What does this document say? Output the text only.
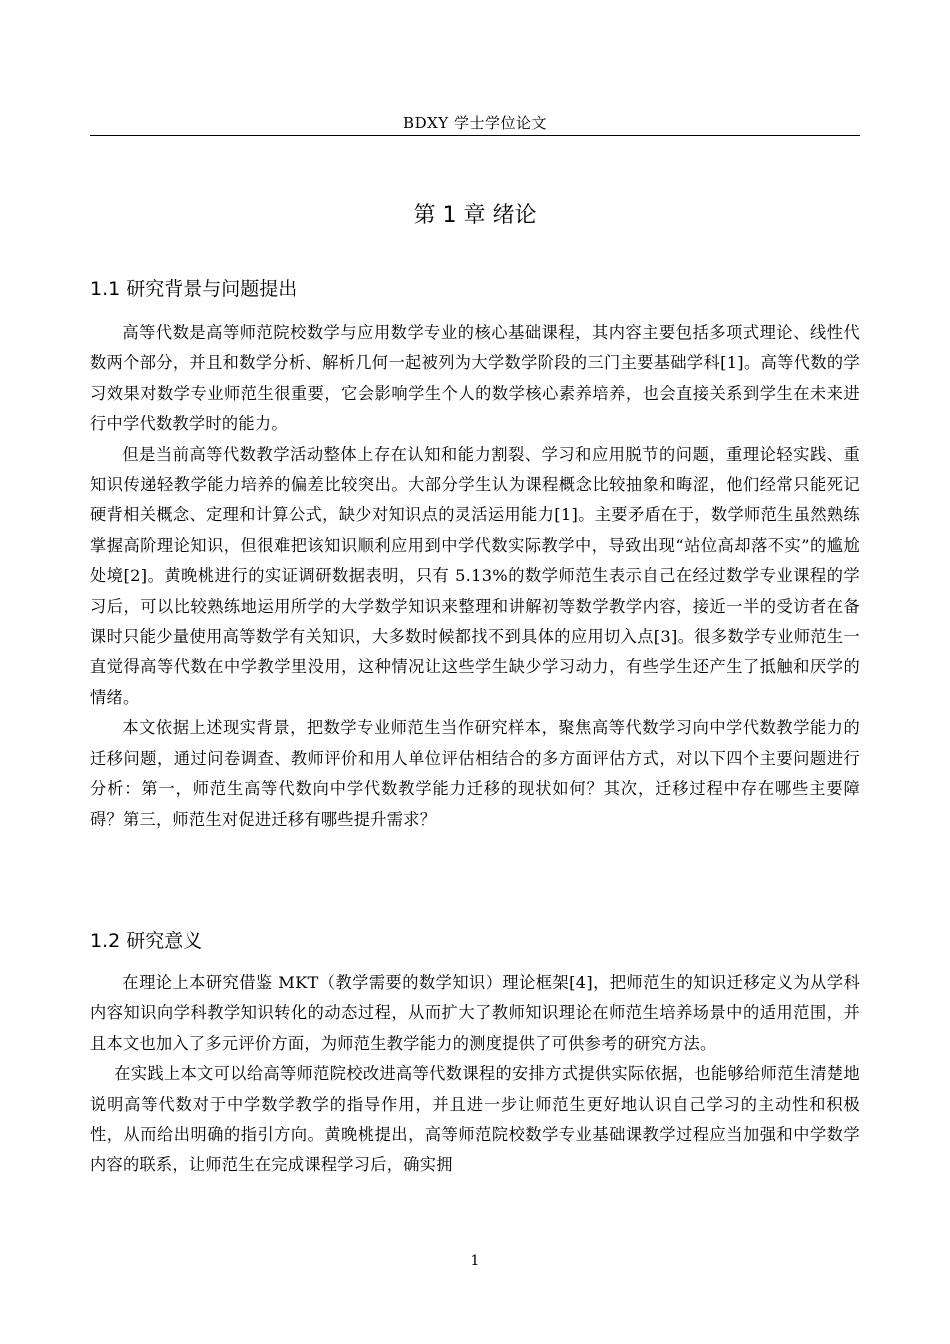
BDXY 学士学位论文
第 1 章 绪论
1.1 研究背景与问题提出

高等代数是高等师范院校数学与应用数学专业的核心基础课程，其内容主要包括多项式理论、线性代数两个部分，并且和数学分析、解析几何一起被列为大学数学阶段的三门主要基础学科[1]。高等代数的学习效果对数学专业师范生很重要，它会影响学生个人的数学核心素养培养，也会直接关系到学生在未来进行中学代数教学时的能力。

但是当前高等代数教学活动整体上存在认知和能力割裂、学习和应用脱节的问题，重理论轻实践、重知识传递轻教学能力培养的偏差比较突出。大部分学生认为课程概念比较抽象和晦涩，他们经常只能死记硬背相关概念、定理和计算公式，缺少对知识点的灵活运用能力[1]。主要矛盾在于，数学师范生虽然熟练掌握高阶理论知识，但很难把该知识顺利应用到中学代数实际教学中，导致出现“站位高却落不实”的尴尬处境[2]。黄晚桃进行的实证调研数据表明，只有 5.13%的数学师范生表示自己在经过数学专业课程的学习后，可以比较熟练地运用所学的大学数学知识来整理和讲解初等数学教学内容，接近一半的受访者在备课时只能少量使用高等数学有关知识，大多数时候都找不到具体的应用切入点[3]。很多数学专业师范生一直觉得高等代数在中学教学里没用，这种情况让这些学生缺少学习动力，有些学生还产生了抵触和厌学的情绪。

本文依据上述现实背景，把数学专业师范生当作研究样本，聚焦高等代数学习向中学代数教学能力的迁移问题，通过问卷调查、教师评价和用人单位评估相结合的多方面评估方式，对以下四个主要问题进行分析：第一，师范生高等代数向中学代数教学能力迁移的现状如何？其次，迁移过程中存在哪些主要障碍？第三，师范生对促进迁移有哪些提升需求？

1.2 研究意义

在理论上本研究借鉴 MKT（教学需要的数学知识）理论框架[4]，把师范生的知识迁移定义为从学科内容知识向学科教学知识转化的动态过程，从而扩大了教师知识理论在师范生培养场景中的适用范围，并且本文也加入了多元评价方面，为师范生教学能力的测度提供了可供参考的研究方法。

在实践上本文可以给高等师范院校改进高等代数课程的安排方式提供实际依据，也能够给师范生清楚地说明高等代数对于中学数学教学的指导作用，并且进一步让师范生更好地认识自己学习的主动性和积极性，从而给出明确的指引方向。黄晚桃提出，高等师范院校数学专业基础课教学过程应当加强和中学数学内容的联系，让师范生在完成课程学习后，确实拥

1
